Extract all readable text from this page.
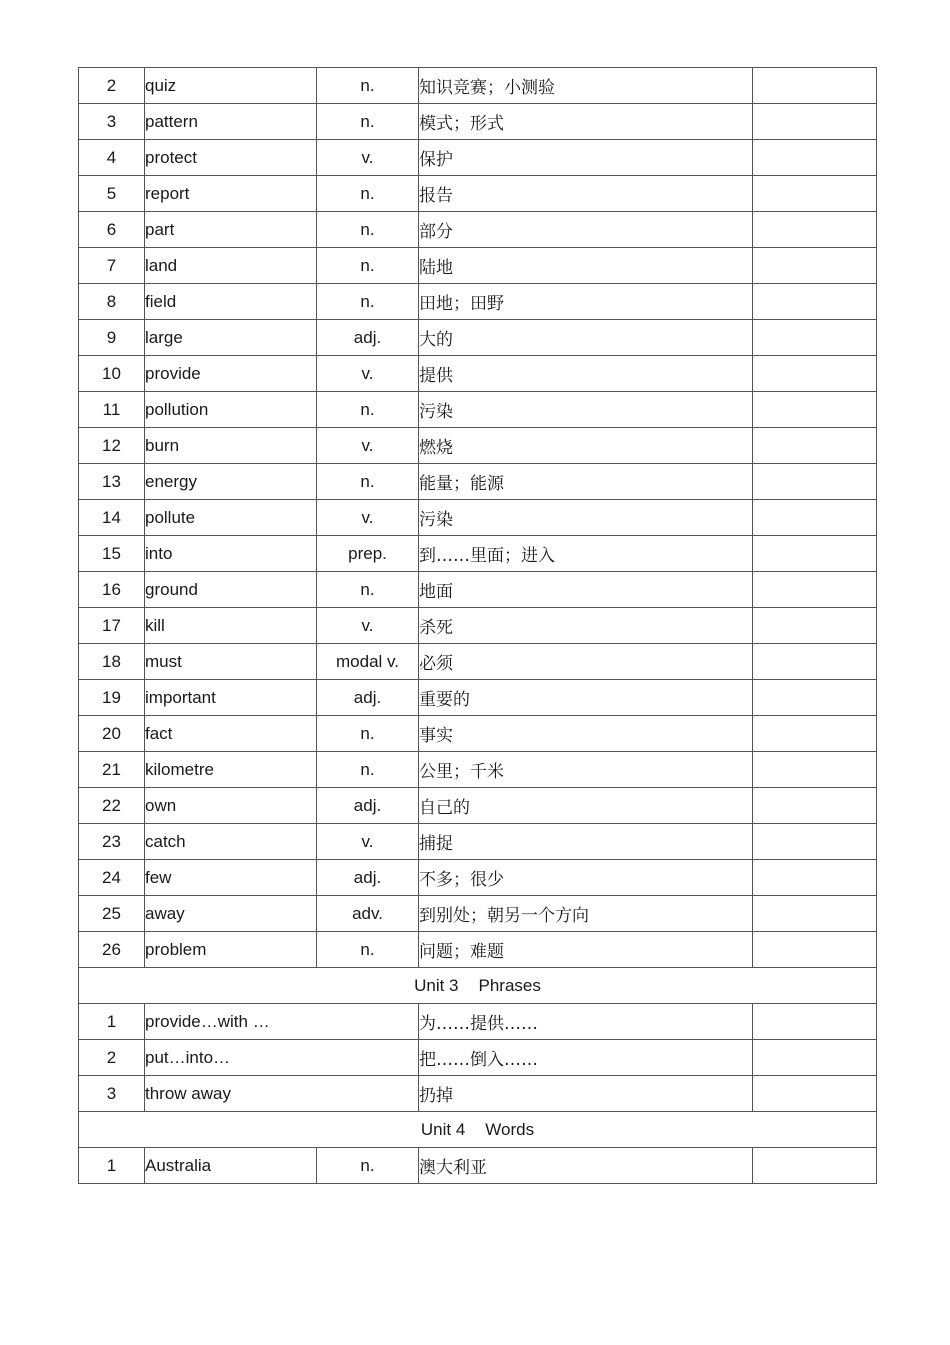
2	quiz	n.	知识竞赛；小测验	
3	pattern	n.	模式；形式	
4	protect	v.	保护	
5	report	n.	报告	
6	part	n.	部分	
7	land	n.	陆地	
8	field	n.	田地；田野	
9	large	adj.	大的	
10	provide	v.	提供	
11	pollution	n.	污染	
12	burn	v.	燃烧	
13	energy	n.	能量；能源	
14	pollute	v.	污染	
15	into	prep.	到……里面；进入	
16	ground	n.	地面	
17	kill	v.	杀死	
18	must	modal v.	必须	
19	important	adj.	重要的	
20	fact	n.	事实	
21	kilometre	n.	公里；千米	
22	own	adj.	自己的	
23	catch	v.	捕捉	
24	few	adj.	不多；很少	
25	away	adv.	到别处；朝另一个方向	
26	problem	n.	问题；难题	
Unit 3 Phrases				
1	provide…with …		为……提供……	
2	put…into…		把……倒入……	
3	throw away		扔掉	
Unit 4 Words				
1	Australia	n.	澳大利亚	
